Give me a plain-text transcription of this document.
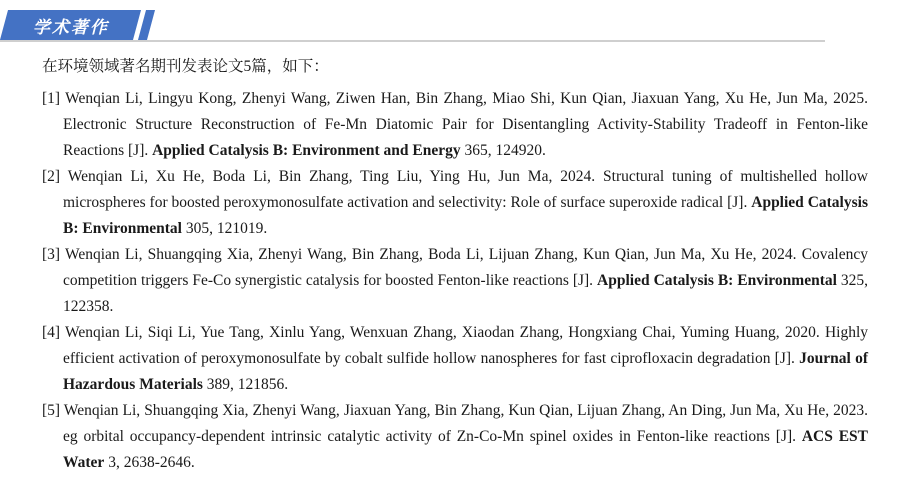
学术著作

在环境领域著名期刊发表论文5篇，如下：

[1] Wenqian Li, Lingyu Kong, Zhenyi Wang, Ziwen Han, Bin Zhang, Miao Shi, Kun Qian, Jiaxuan Yang, Xu He, Jun Ma, 2025. Electronic Structure Reconstruction of Fe-Mn Diatomic Pair for Disentangling Activity-Stability Tradeoff in Fenton-like Reactions [J]. Applied Catalysis B: Environment and Energy 365, 124920.

[2] Wenqian Li, Xu He, Boda Li, Bin Zhang, Ting Liu, Ying Hu, Jun Ma, 2024. Structural tuning of multishelled hollow microspheres for boosted peroxymonosulfate activation and selectivity: Role of surface superoxide radical [J]. Applied Catalysis B: Environmental 305, 121019.

[3] Wenqian Li, Shuangqing Xia, Zhenyi Wang, Bin Zhang, Boda Li, Lijuan Zhang, Kun Qian, Jun Ma, Xu He, 2024. Covalency competition triggers Fe-Co synergistic catalysis for boosted Fenton-like reactions [J]. Applied Catalysis B: Environmental 325, 122358.

[4] Wenqian Li, Siqi Li, Yue Tang, Xinlu Yang, Wenxuan Zhang, Xiaodan Zhang, Hongxiang Chai, Yuming Huang, 2020. Highly efficient activation of peroxymonosulfate by cobalt sulfide hollow nanospheres for fast ciprofloxacin degradation [J]. Journal of Hazardous Materials 389, 121856.

[5] Wenqian Li, Shuangqing Xia, Zhenyi Wang, Jiaxuan Yang, Bin Zhang, Kun Qian, Lijuan Zhang, An Ding, Jun Ma, Xu He, 2023. eg orbital occupancy-dependent intrinsic catalytic activity of Zn-Co-Mn spinel oxides in Fenton-like reactions [J]. ACS EST Water 3, 2638-2646.
